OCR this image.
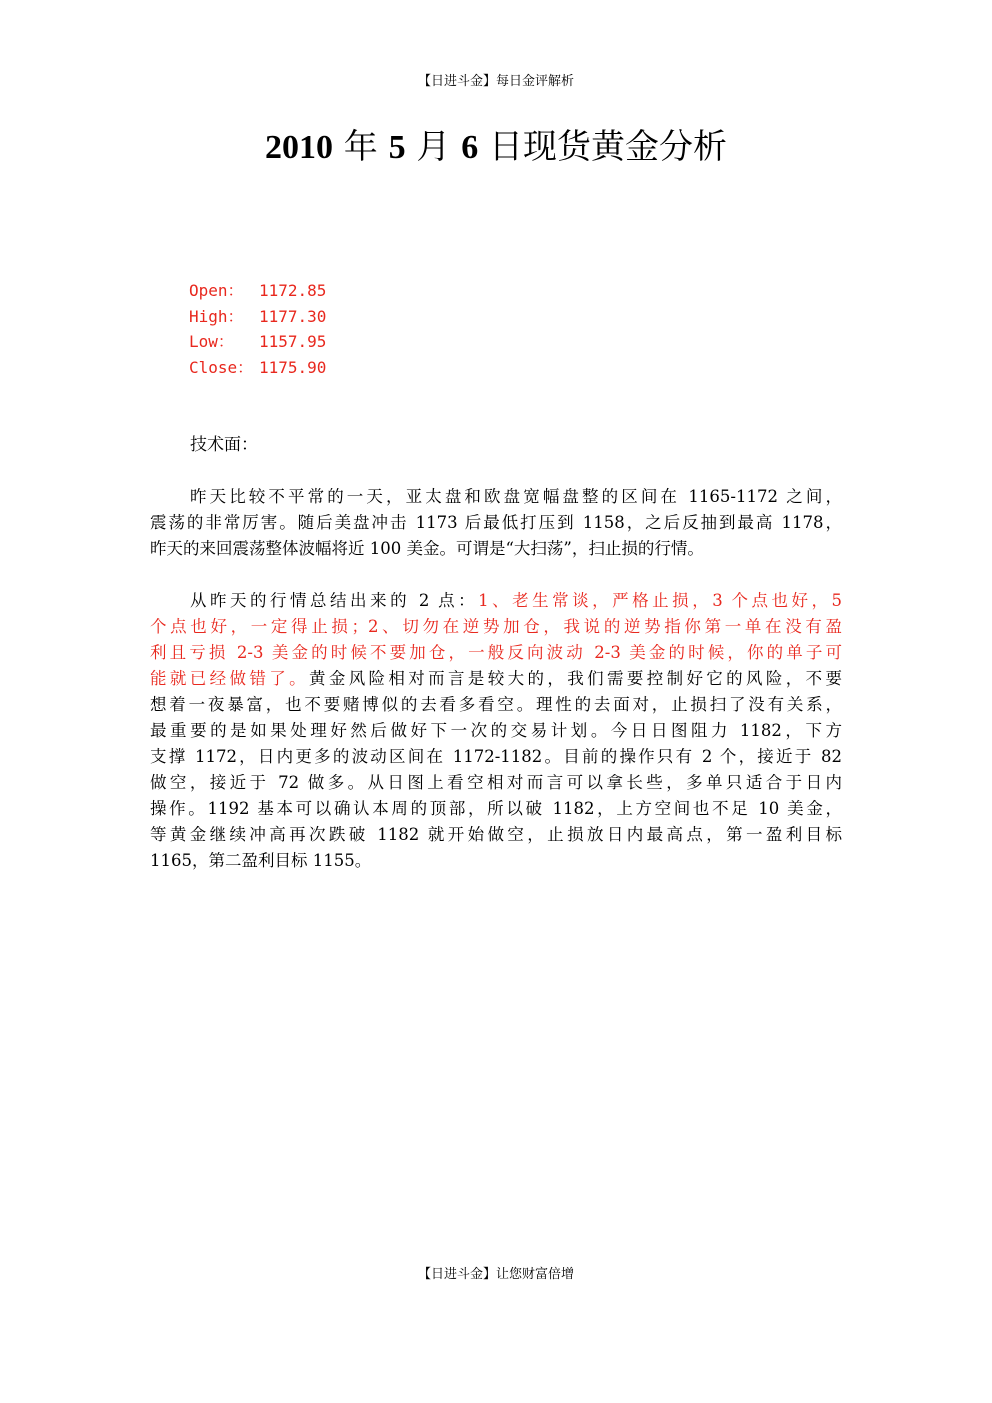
【日进斗金】每日金评解析
2010 年 5 月 6 日现货黄金分析
Open： 1172.85
High： 1177.30
Low： 1157.95
Close： 1175.90
技术面：
昨天比较不平常的一天，亚太盘和欧盘宽幅盘整的区间在 1165-1172 之间，
震荡的非常厉害。随后美盘冲击 1173 后最低打压到 1158，之后反抽到最高 1178，
昨天的来回震荡整体波幅将近 100 美金。可谓是“大扫荡”，扫止损的行情。
从昨天的行情总结出来的 2 点：1、老生常谈，严格止损，3 个点也好，5
个点也好，一定得止损；2、切勿在逆势加仓，我说的逆势指你第一单在没有盈
利且亏损 2-3 美金的时候不要加仓，一般反向波动 2-3 美金的时候，你的单子可
能就已经做错了。黄金风险相对而言是较大的，我们需要控制好它的风险，不要
想着一夜暴富，也不要赌博似的去看多看空。理性的去面对，止损扫了没有关系，
最重要的是如果处理好然后做好下一次的交易计划。今日日图阻力 1182，下方
支撑 1172，日内更多的波动区间在 1172-1182。目前的操作只有 2 个，接近于 82
做空，接近于 72 做多。从日图上看空相对而言可以拿长些，多单只适合于日内
操作。1192 基本可以确认本周的顶部，所以破 1182，上方空间也不足 10 美金，
等黄金继续冲高再次跌破 1182 就开始做空，止损放日内最高点，第一盈利目标
1165，第二盈利目标 1155。
【日进斗金】让您财富倍增
